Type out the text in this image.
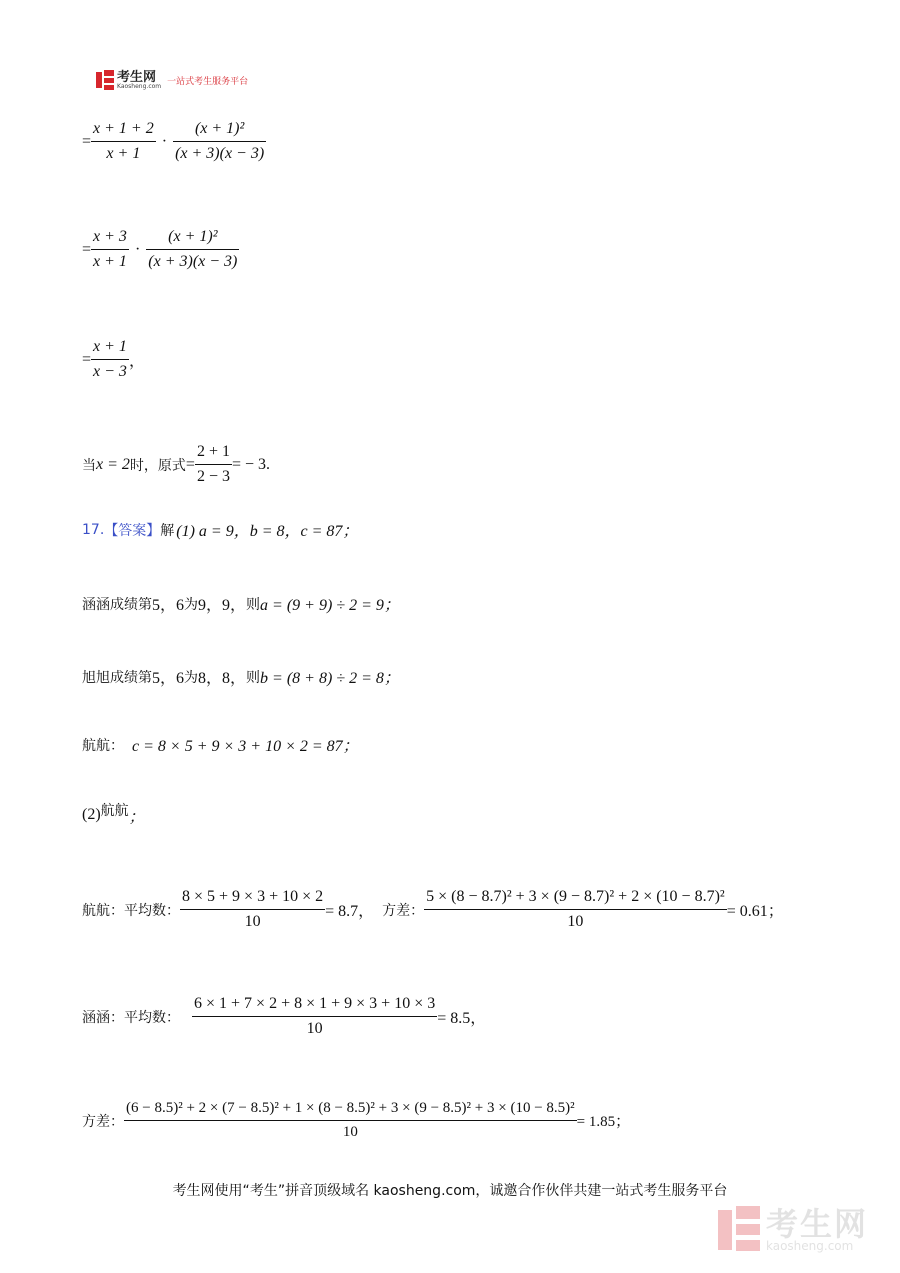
考生网
Kaosheng.com 一站式考生服务平台
= $\frac{x + 1 + 2}{x + 1} \cdot \frac{\text{(x + 1)²}}{(x + 3)(x - 3)}$
= $\frac{x + 3}{x + 1} \cdot \frac{\text{(x + 1)²}}{(x + 3)(x - 3)}$
= $\frac{x + 1}{x - 3}$ ，
当 x = 2 时，原式 = $\frac{2 + 1}{2 - 3}$ = − 3 .
17. 【答案】 解 (1) a = 9，b = 8，c = 87；
涵涵成绩第 5，6 为 9，9， 则 a = (9 + 9) ÷ 2 = 9；
旭旭成绩第 5，6 为 8，8， 则 b = (8 + 8) ÷ 2 = 8；
航航： c = 8 × 5 + 9 × 3 + 10 × 2 = 87；
(2) 航航 ；
航航：平均数： $\frac{8 \times 5 + 9 \times 3 + 10 \times 2}{10} = 8.7$， 方差： $\frac{\text{5 × (8 − 8.7)² + 3 × (9 − 8.7)² + 2 × (10 − 8.7)²}}{10} = 0.61$；
涵涵：平均数： $\frac{6 \times 1 + 7 \times 2 + 8 \times 1 + 9 \times 3 + 10 \times 3}{10} = 8.5$，
方差：
(6 − 8.5)² + 2 × (7 − 8.5)² + 1 × (8 − 8.5)² + 3 × (9 − 8.5)² + 3 × (10 − 8.5)²
10
= 1.85；
考生网使用“考生”拼音顶级域名 kaosheng.com，诚邀合作伙伴共建一站式考生服务平台
考生网
kaosheng.com
